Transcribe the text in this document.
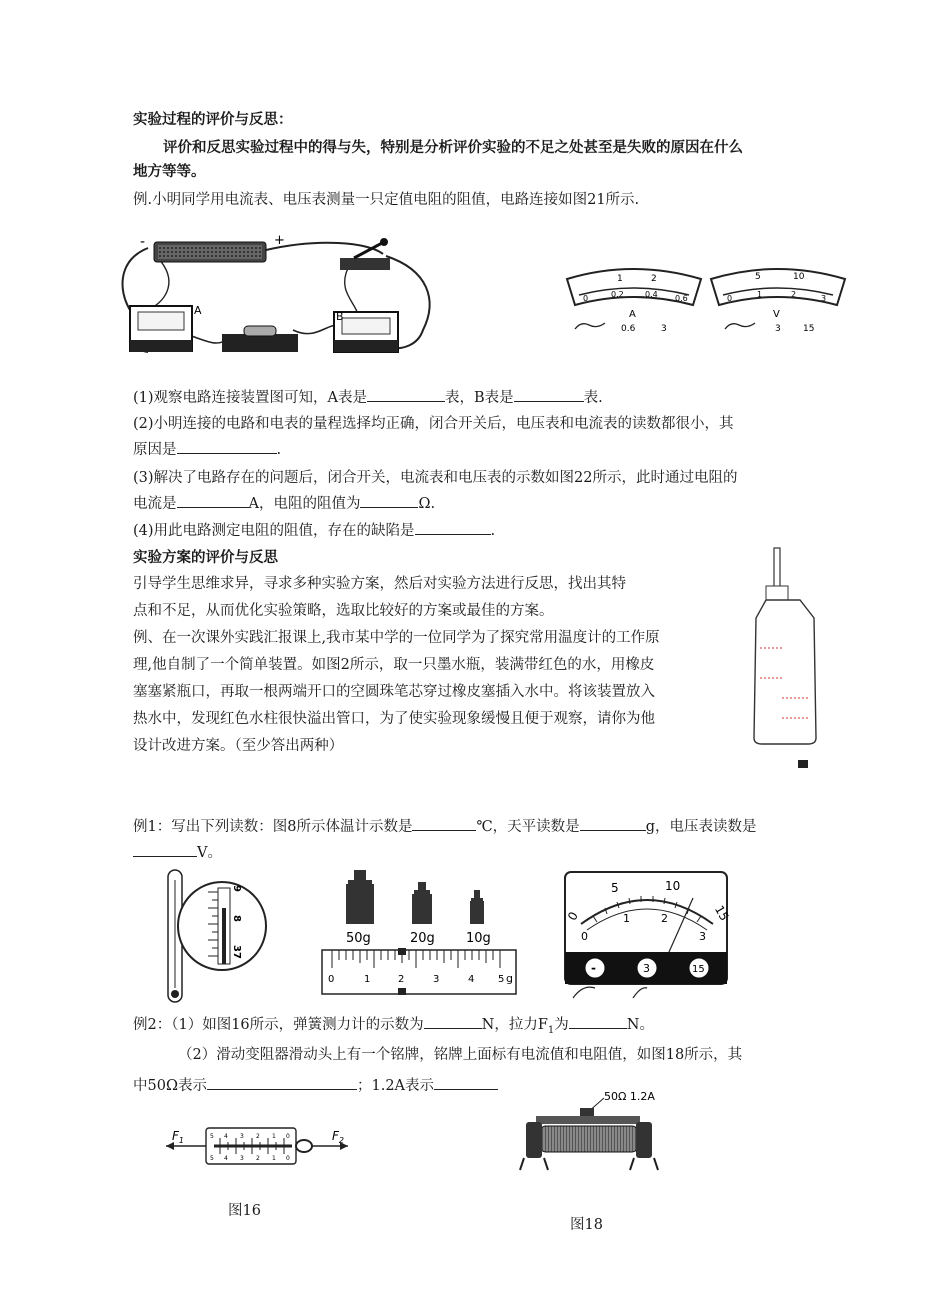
实验过程的评价与反思：
评价和反思实验过程中的得与失，特别是分析评价实验的不足之处甚至是失败的原因在什么
地方等等。
例.小明同学用电流表、电压表测量一只定值电阻的阻值，电路连接如图21所示.
-	+
A	B
1	2
0	0.2	0.4 0.6
A
0.6	3
5	10
0	1	2	3
V
3 15
(1)观察电路连接装置图可知，A表是	表，B表是	表.
(2)小明连接的电路和电表的量程选择均正确，闭合开关后，电压表和电流表的读数都很小，其
原因是	.
(3)解决了电路存在的问题后，闭合开关，电流表和电压表的示数如图22所示，此时通过电阻的
电流是	A，电阻的阻值为	Ω.
(4)用此电路测定电阻的阻值，存在的缺陷是	.
实验方案的评价与反思
引导学生思维求异，寻求多种实验方案，然后对实验方法进行反思，找出其特
点和不足，从而优化实验策略，选取比较好的方案或最佳的方案。
例、在一次课外实践汇报课上,我市某中学的一位同学为了探究常用温度计的工作原
理,他自制了一个简单装置。如图2所示，取一只墨水瓶，装满带红色的水，用橡皮
塞塞紧瓶口，再取一根两端开口的空圆珠笔芯穿过橡皮塞插入水中。将该装置放入
热水中，发现红色水柱很快溢出管口，为了使实验现象缓慢且便于观察，请你为他
设计改进方案。（至少答出两种）
例1：写出下列读数：图8所示体温计示数是	℃，天平读数是	g，电压表读数是
V。
9
8
37
50g	20g 10g
0	1	2	3	4 5 g
0
5	10
15
0
1	2
3
-	3	15
例2：（1）如图16所示，弹簧测力计的示数为	N，拉力$F_1$为	N。
（2）滑动变阻器滑动头上有一个铭牌，铭牌上面标有电流值和电阻值，如图18所示，其
中50Ω表示	；1.2A表示
$F_1$	5 4 3 2 1 0
5 4 3 2 1 0
$F_2$
50Ω 1.2A
图16
图18
